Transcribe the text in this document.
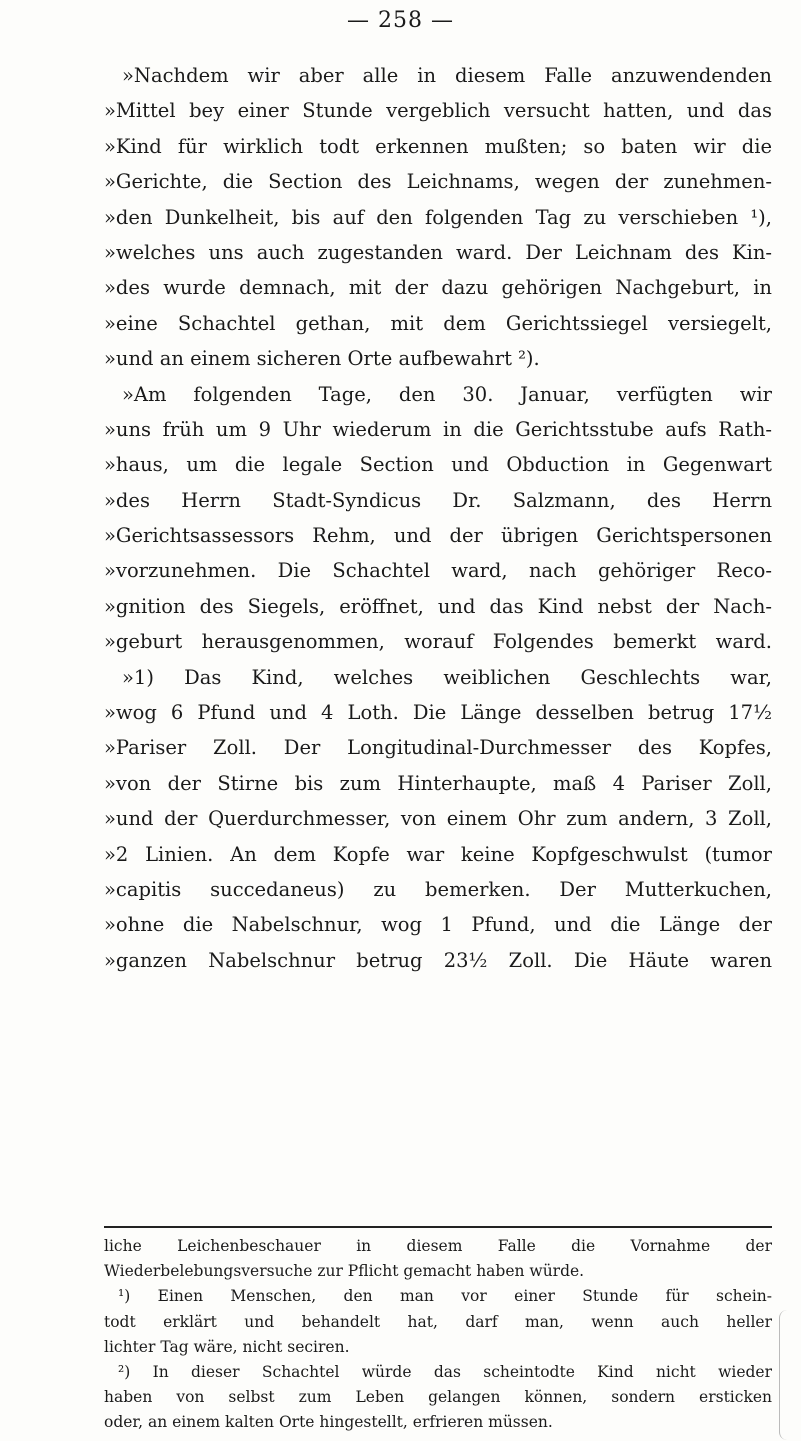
— 258 —
»Nachdem wir aber alle in diesem Falle anzuwendenden
»Mittel bey einer Stunde vergeblich versucht hatten, und das
»Kind für wirklich todt erkennen mußten; so baten wir die
»Gerichte, die Section des Leichnams, wegen der zunehmen-
»den Dunkelheit, bis auf den folgenden Tag zu verschieben ¹),
»welches uns auch zugestanden ward. Der Leichnam des Kin-
»des wurde demnach, mit der dazu gehörigen Nachgeburt, in
»eine Schachtel gethan, mit dem Gerichtssiegel versiegelt,
»und an einem sicheren Orte aufbewahrt ²).
»Am folgenden Tage, den 30. Januar, verfügten wir
»uns früh um 9 Uhr wiederum in die Gerichtsstube aufs Rath-
»haus, um die legale Section und Obduction in Gegenwart
»des Herrn Stadt-Syndicus Dr. Salzmann, des Herrn
»Gerichtsassessors Rehm, und der übrigen Gerichtspersonen
»vorzunehmen. Die Schachtel ward, nach gehöriger Reco-
»gnition des Siegels, eröffnet, und das Kind nebst der Nach-
»geburt herausgenommen, worauf Folgendes bemerkt ward.
»1) Das Kind, welches weiblichen Geschlechts war,
»wog 6 Pfund und 4 Loth. Die Länge desselben betrug 17½
»Pariser Zoll. Der Longitudinal-Durchmesser des Kopfes,
»von der Stirne bis zum Hinterhaupte, maß 4 Pariser Zoll,
»und der Querdurchmesser, von einem Ohr zum andern, 3 Zoll,
»2 Linien. An dem Kopfe war keine Kopfgeschwulst (tumor
»capitis succedaneus) zu bemerken. Der Mutterkuchen,
»ohne die Nabelschnur, wog 1 Pfund, und die Länge der
»ganzen Nabelschnur betrug 23½ Zoll. Die Häute waren
liche Leichenbeschauer in diesem Falle die Vornahme der
Wiederbelebungsversuche zur Pflicht gemacht haben würde.
¹) Einen Menschen, den man vor einer Stunde für schein-
todt erklärt und behandelt hat, darf man, wenn auch heller
lichter Tag wäre, nicht seciren.
²) In dieser Schachtel würde das scheintodte Kind nicht wieder
haben von selbst zum Leben gelangen können, sondern ersticken
oder, an einem kalten Orte hingestellt, erfrieren müssen.
